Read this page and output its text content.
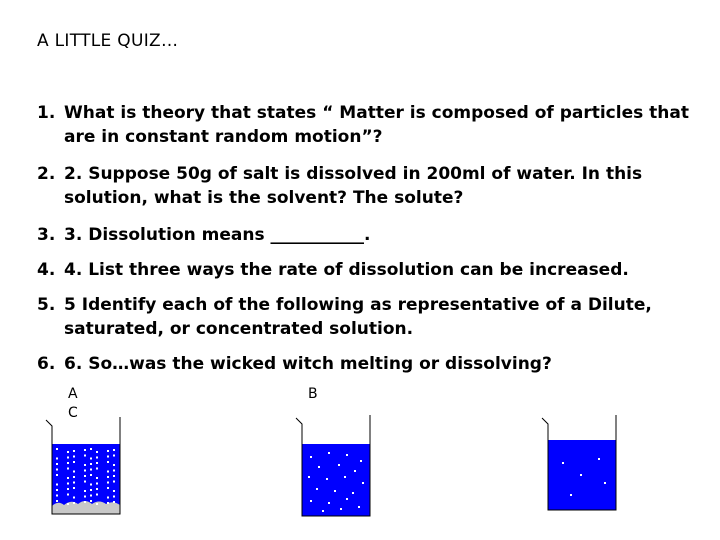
A LITTLE QUIZ…
1. What is theory that states “ Matter is composed of particles that are in constant random motion”?
2. 2. Suppose 50g of salt is dissolved in 200ml of water. In this solution, what is the solvent? The solute?
3. 3. Dissolution means ___________.
4. 4. List three ways the rate of dissolution can be increased.
5. 5 Identify each of the following as representative of a Dilute, saturated, or concentrated solution.
6. 6. So…was the wicked witch melting or dissolving?
A
C
B
